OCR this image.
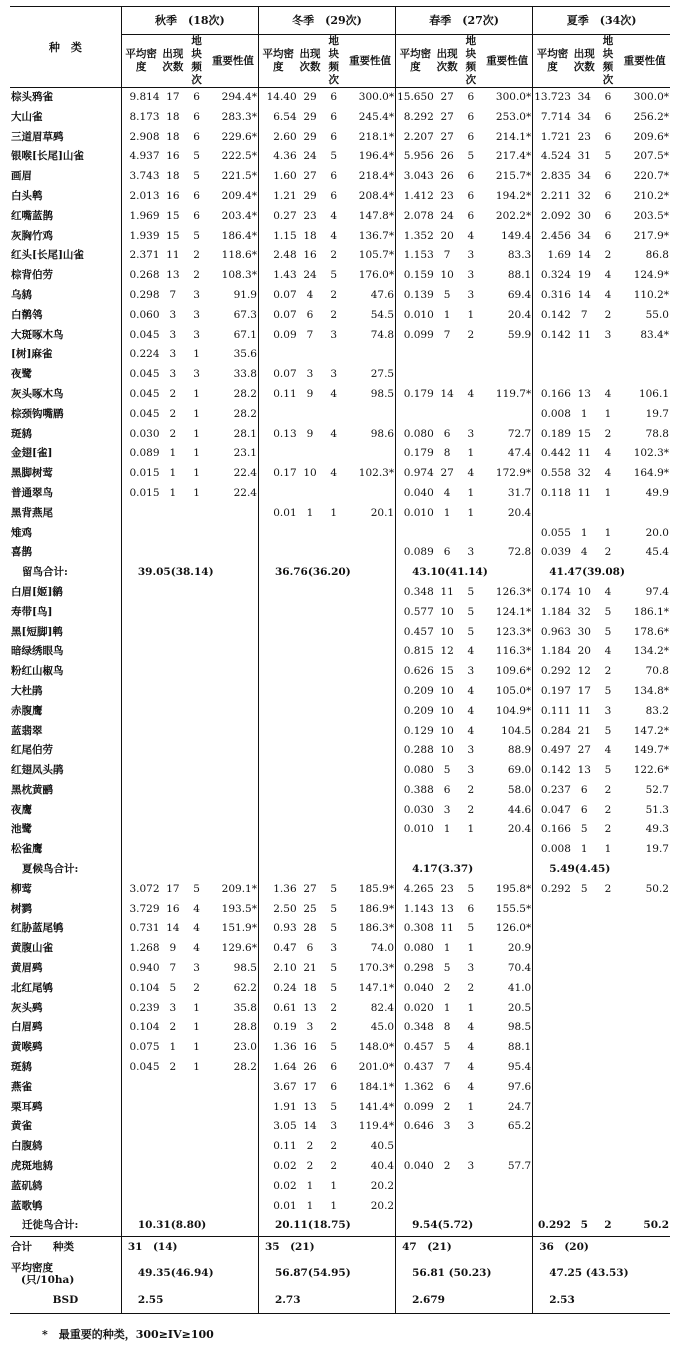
种　类	秋季　(18次)				冬季　(29次)				春季　(27次)				夏季　(34次)			
	平均密度	出现次数	地块频次	重要性值	平均密度	出现次数	地块频次	重要性值	平均密度	出现次数	地块频次	重要性值	平均密度	出现次数	地块频次	重要性值
棕头鸦雀	9.814	17	6	294.4*	14.40	29	6	300.0*	15.650	27	6	300.0*	13.723	34	6	300.0*
大山雀	8.173	18	6	283.3*	6.54	29	6	245.4*	8.292	27	6	253.0*	7.714	34	6	256.2*
三道眉草鹀	2.908	18	6	229.6*	2.60	29	6	218.1*	2.207	27	6	214.1*	1.721	23	6	209.6*
银喉[长尾]山雀	4.937	16	5	222.5*	4.36	24	5	196.4*	5.956	26	5	217.4*	4.524	31	5	207.5*
画眉	3.743	18	5	221.5*	1.60	27	6	218.4*	3.043	26	6	215.7*	2.835	34	6	220.7*
白头鹎	2.013	16	6	209.4*	1.21	29	6	208.4*	1.412	23	6	194.2*	2.211	32	6	210.2*
红嘴蓝鹊	1.969	15	6	203.4*	0.27	23	4	147.8*	2.078	24	6	202.2*	2.092	30	6	203.5*
灰胸竹鸡	1.939	15	5	186.4*	1.15	18	4	136.7*	1.352	20	4	149.4	2.456	34	6	217.9*
红头[长尾]山雀	2.371	11	2	118.6*	2.48	16	2	105.7*	1.153	7	3	83.3	1.69	14	2	86.8
棕背伯劳	0.268	13	2	108.3*	1.43	24	5	176.0*	0.159	10	3	88.1	0.324	19	4	124.9*
乌鸫	0.298	7	3	91.9	0.07	4	2	47.6	0.139	5	3	69.4	0.316	14	4	110.2*
白鹡鸰	0.060	3	3	67.3	0.07	6	2	54.5	0.010	1	1	20.4	0.142	7	2	55.0
大斑啄木鸟	0.045	3	3	67.1	0.09	7	3	74.8	0.099	7	2	59.9	0.142	11	3	83.4*
[树]麻雀	0.224	3	1	35.6												
夜鹭	0.045	3	3	33.8	0.07	3	3	27.5								
灰头啄木鸟	0.045	2	1	28.2	0.11	9	4	98.5	0.179	14	4	119.7*	0.166	13	4	106.1
棕颈钩嘴鹛	0.045	2	1	28.2									0.008	1	1	19.7
斑鸫	0.030	2	1	28.1	0.13	9	4	98.6	0.080	6	3	72.7	0.189	15	2	78.8
金翅[雀]	0.089	1	1	23.1					0.179	8	1	47.4	0.442	11	4	102.3*
黑脚树莺	0.015	1	1	22.4	0.17	10	4	102.3*	0.974	27	4	172.9*	0.558	32	4	164.9*
普通翠鸟	0.015	1	1	22.4					0.040	4	1	31.7	0.118	11	1	49.9
黑背燕尾					0.01	1	1	20.1	0.010	1	1	20.4				
雉鸡													0.055	1	1	20.0
喜鹊									0.089	6	3	72.8	0.039	4	2	45.4
留鸟合计:	39.05(38.14)				36.76(36.20)				43.10(41.14)				41.47(39.08)			
白眉[姬]鹟									0.348	11	5	126.3*	0.174	10	4	97.4
寿带[鸟]									0.577	10	5	124.1*	1.184	32	5	186.1*
黑[短脚]鹎									0.457	10	5	123.3*	0.963	30	5	178.6*
暗绿绣眼鸟									0.815	12	4	116.3*	1.184	20	4	134.2*
粉红山椒鸟									0.626	15	3	109.6*	0.292	12	2	70.8
大杜鹃									0.209	10	4	105.0*	0.197	17	5	134.8*
赤腹鹰									0.209	10	4	104.9*	0.111	11	3	83.2
蓝翡翠									0.129	10	4	104.5	0.284	21	5	147.2*
红尾伯劳									0.288	10	3	88.9	0.497	27	4	149.7*
红翅凤头鹃									0.080	5	3	69.0	0.142	13	5	122.6*
黑枕黄鹂									0.388	6	2	58.0	0.237	6	2	52.7
夜鹰									0.030	3	2	44.6	0.047	6	2	51.3
池鹭									0.010	1	1	20.4	0.166	5	2	49.3
松雀鹰													0.008	1	1	19.7
夏候鸟合计:									4.17(3.37)				5.49(4.45)			
柳莺	3.072	17	5	209.1*	1.36	27	5	185.9*	4.265	23	5	195.8*	0.292	5	2	50.2
树鹨	3.729	16	4	193.5*	2.50	25	5	186.9*	1.143	13	6	155.5*				
红胁蓝尾鸲	0.731	14	4	151.9*	0.93	28	5	186.3*	0.308	11	5	126.0*				
黄腹山雀	1.268	9	4	129.6*	0.47	6	3	74.0	0.080	1	1	20.9				
黄眉鹀	0.940	7	3	98.5	2.10	21	5	170.3*	0.298	5	3	70.4				
北红尾鸲	0.104	5	2	62.2	0.24	18	5	147.1*	0.040	2	2	41.0				
灰头鹀	0.239	3	1	35.8	0.61	13	2	82.4	0.020	1	1	20.5				
白眉鹀	0.104	2	1	28.8	0.19	3	2	45.0	0.348	8	4	98.5				
黄喉鹀	0.075	1	1	23.0	1.36	16	5	148.0*	0.457	5	4	88.1				
斑鸫	0.045	2	1	28.2	1.64	26	6	201.0*	0.437	7	4	95.4				
燕雀					3.67	17	6	184.1*	1.362	6	4	97.6				
栗耳鹀					1.91	13	5	141.4*	0.099	2	1	24.7				
黄雀					3.05	14	3	119.4*	0.646	3	3	65.2				
白腹鸫					0.11	2	2	40.5								
虎斑地鸫					0.02	2	2	40.4	0.040	2	3	57.7				
蓝矶鸫					0.02	1	1	20.2								
蓝歌鸲					0.01	1	1	20.2								
迁徙鸟合计:	10.31(8.80)				20.11(18.75)				9.54(5.72)				0.292	5	2	50.2
合计　　种类	31　(14)				35　(21)				47　(21)				36　(20)			

平均密度
(只/10ha)	49.35(46.94)				56.87(54.95)				56.81 (50.23)				47.25 (43.53)			
BSD	2.55				2.73				2.679				2.53			
*　最重要的种类，300≥IV≥100
